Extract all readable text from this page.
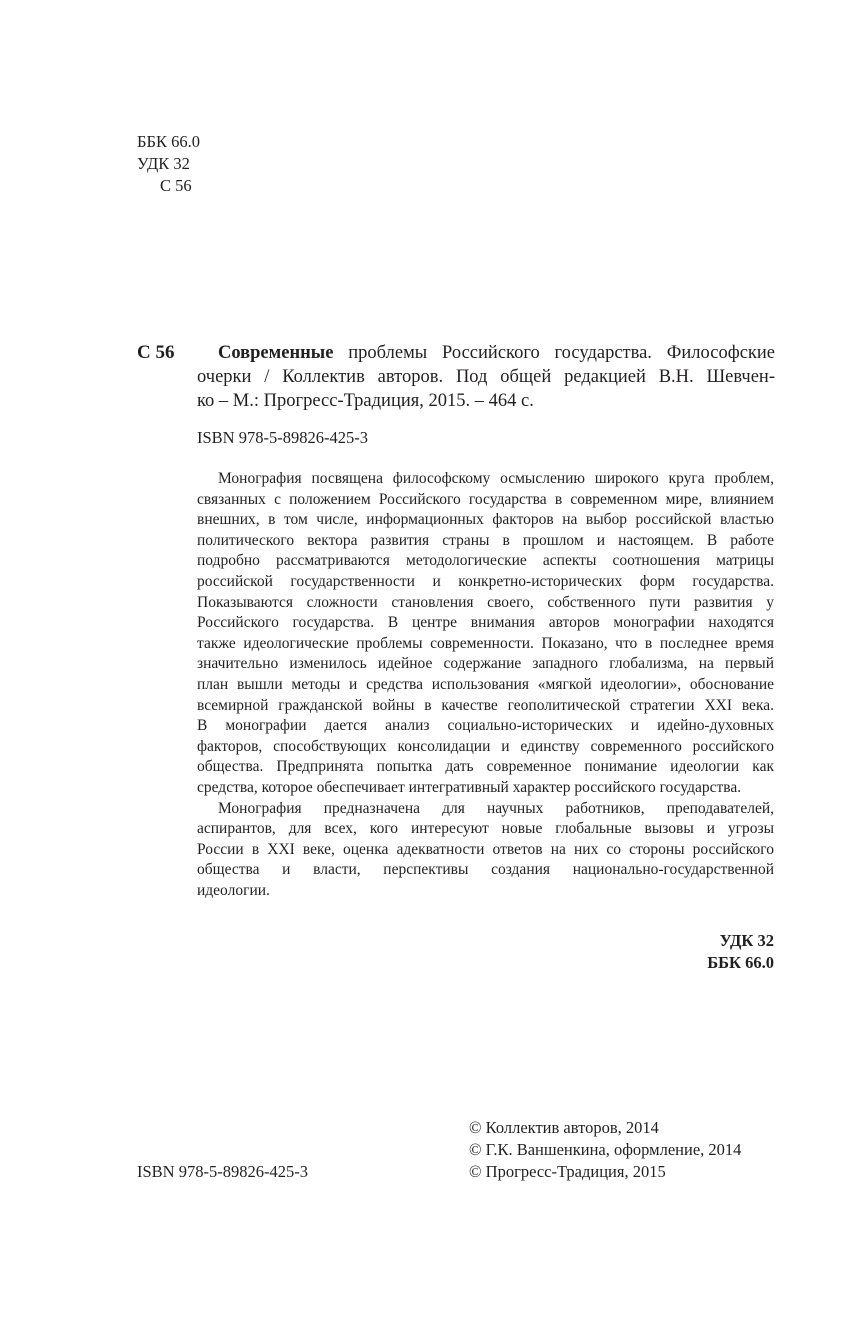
ББК 66.0
УДК 32
С 56
С 56	Современные проблемы Российского государства. Философские
очерки / Коллектив авторов. Под общей редакцией В.Н. Шевчен-
ко – М.: Прогресс-Традиция, 2015. – 464 с.
ISBN 978-5-89826-425-3
Монография посвящена философскому осмыслению широкого круга проблем,
связанных с положением Российского государства в современном мире, влиянием
внешних, в том числе, информационных факторов на выбор российской властью
политического вектора развития страны в прошлом и настоящем. В работе
подробно рассматриваются методологические аспекты соотношения матрицы
российской государственности и конкретно-исторических форм государства.
Показываются сложности становления своего, собственного пути развития у
Российского государства. В центре внимания авторов монографии находятся
также идеологические проблемы современности. Показано, что в последнее время
значительно изменилось идейное содержание западного глобализма, на первый
план вышли методы и средства использования «мягкой идеологии», обоснование
всемирной гражданской войны в качестве геополитической стратегии XXI века.
В монографии дается анализ социально-исторических и идейно-духовных
факторов, способствующих консолидации и единству современного российского
общества. Предпринята попытка дать современное понимание идеологии как
средства, которое обеспечивает интегративный характер российского государства.
Монография предназначена для научных работников, преподавателей,
аспирантов, для всех, кого интересуют новые глобальные вызовы и угрозы
России в XXI веке, оценка адекватности ответов на них со стороны российского
общества и власти, перспективы создания национально-государственной
идеологии.
УДК 32
ББК 66.0
© Коллектив авторов, 2014
© Г.К. Ваншенкина, оформление, 2014
© Прогресс-Традиция, 2015
ISBN 978-5-89826-425-3
